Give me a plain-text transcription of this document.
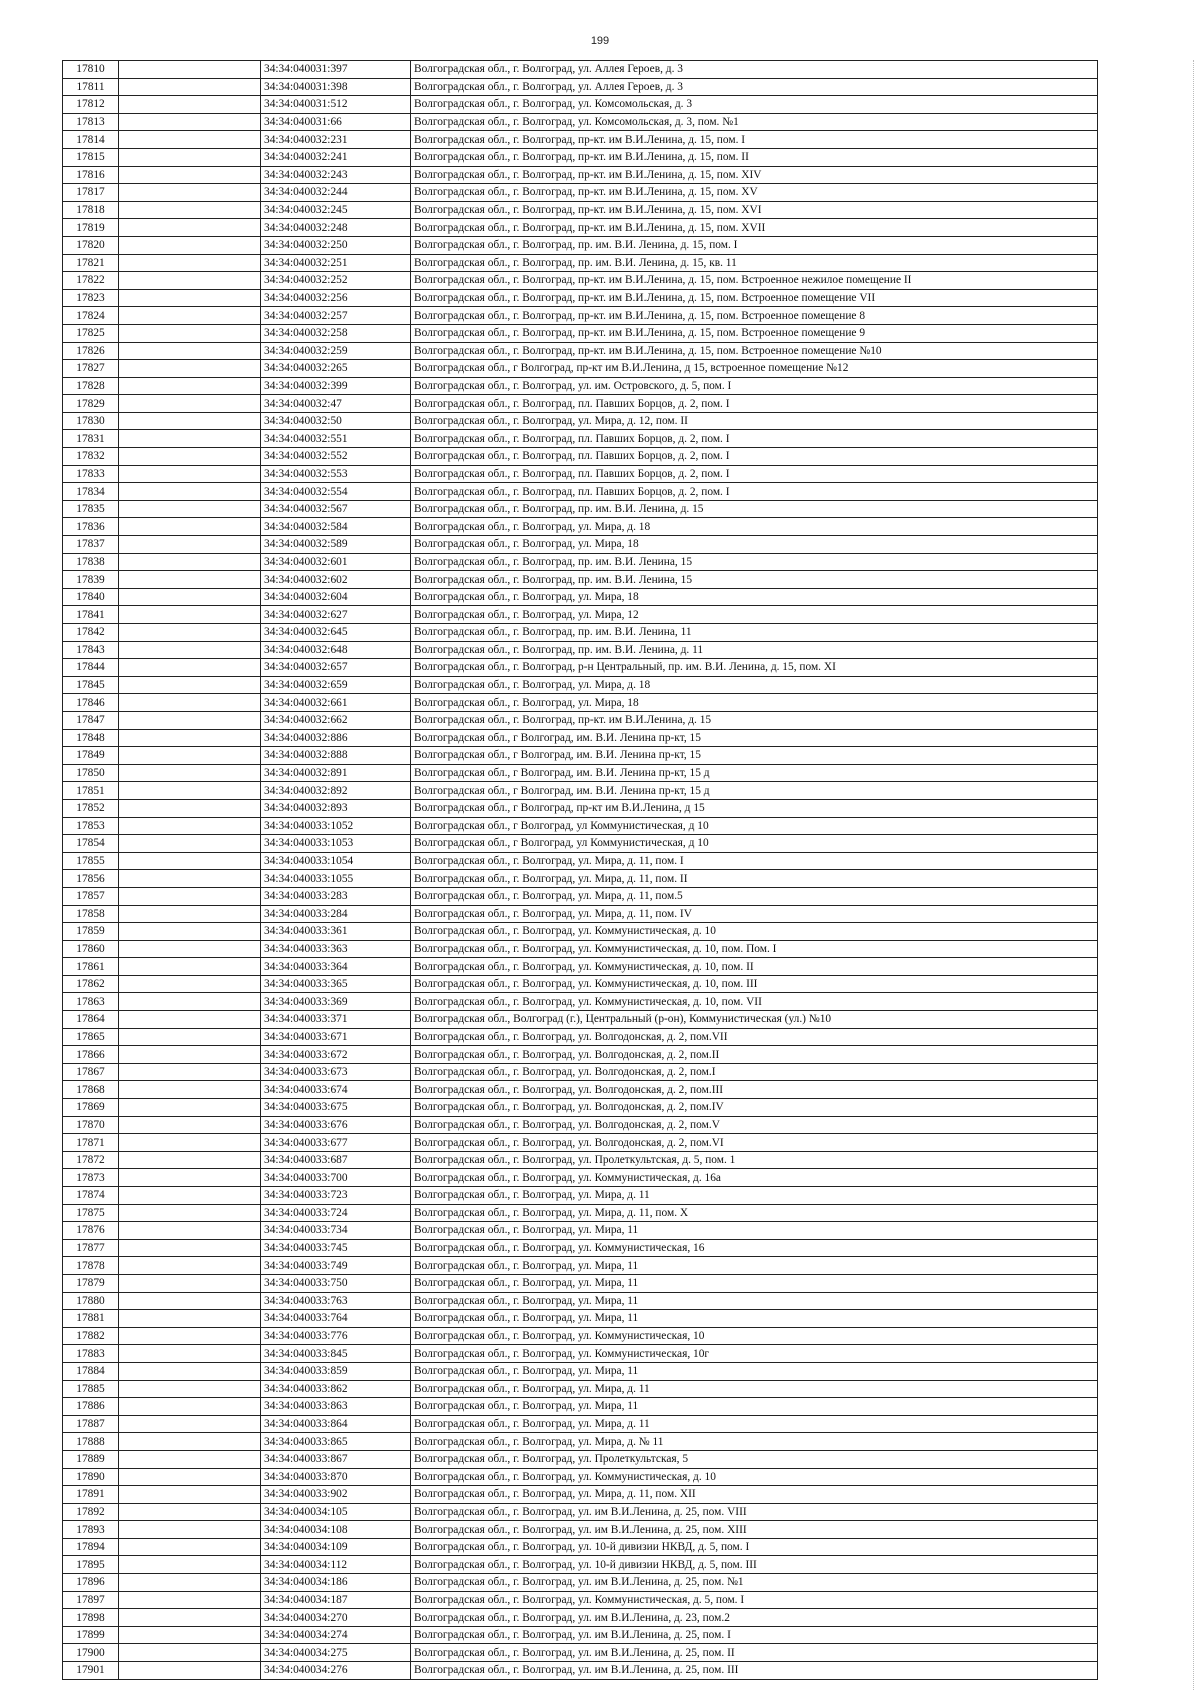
199
17810		34:34:040031:397	Волгоградская обл., г. Волгоград, ул. Аллея Героев, д. 3
17811		34:34:040031:398	Волгоградская обл., г. Волгоград, ул. Аллея Героев, д. 3
17812		34:34:040031:512	Волгоградская обл., г. Волгоград, ул. Комсомольская, д. 3
17813		34:34:040031:66	Волгоградская обл., г. Волгоград, ул. Комсомольская, д. 3, пом. №1
17814		34:34:040032:231	Волгоградская обл., г. Волгоград, пр-кт. им В.И.Ленина, д. 15, пом. I
17815		34:34:040032:241	Волгоградская обл., г. Волгоград, пр-кт. им В.И.Ленина, д. 15, пом. II
17816		34:34:040032:243	Волгоградская обл., г. Волгоград, пр-кт. им В.И.Ленина, д. 15, пом. XIV
17817		34:34:040032:244	Волгоградская обл., г. Волгоград, пр-кт. им В.И.Ленина, д. 15, пом. XV
17818		34:34:040032:245	Волгоградская обл., г. Волгоград, пр-кт. им В.И.Ленина, д. 15, пом. XVI
17819		34:34:040032:248	Волгоградская обл., г. Волгоград, пр-кт. им В.И.Ленина, д. 15, пом. XVII
17820		34:34:040032:250	Волгоградская обл., г. Волгоград, пр. им. В.И. Ленина, д. 15, пом. I
17821		34:34:040032:251	Волгоградская обл., г. Волгоград, пр. им. В.И. Ленина, д. 15, кв. 11
17822		34:34:040032:252	Волгоградская обл., г. Волгоград, пр-кт. им В.И.Ленина, д. 15, пом. Встроенное нежилое помещение II
17823		34:34:040032:256	Волгоградская обл., г. Волгоград, пр-кт. им В.И.Ленина, д. 15, пом. Встроенное помещение VII
17824		34:34:040032:257	Волгоградская обл., г. Волгоград, пр-кт. им В.И.Ленина, д. 15, пом. Встроенное помещение 8
17825		34:34:040032:258	Волгоградская обл., г. Волгоград, пр-кт. им В.И.Ленина, д. 15, пом. Встроенное помещение 9
17826		34:34:040032:259	Волгоградская обл., г. Волгоград, пр-кт. им В.И.Ленина, д. 15, пом. Встроенное помещение №10
17827		34:34:040032:265	Волгоградская обл., г Волгоград, пр-кт им В.И.Ленина, д 15, встроенное помещение №12
17828		34:34:040032:399	Волгоградская обл., г. Волгоград, ул. им. Островского, д. 5, пом. I
17829		34:34:040032:47	Волгоградская обл., г. Волгоград, пл. Павших Борцов, д. 2, пом. I
17830		34:34:040032:50	Волгоградская обл., г. Волгоград, ул. Мира, д. 12, пом. II
17831		34:34:040032:551	Волгоградская обл., г. Волгоград, пл. Павших Борцов, д. 2, пом. I
17832		34:34:040032:552	Волгоградская обл., г. Волгоград, пл. Павших Борцов, д. 2, пом. I
17833		34:34:040032:553	Волгоградская обл., г. Волгоград, пл. Павших Борцов, д. 2, пом. I
17834		34:34:040032:554	Волгоградская обл., г. Волгоград, пл. Павших Борцов, д. 2, пом. I
17835		34:34:040032:567	Волгоградская обл., г. Волгоград, пр. им. В.И. Ленина, д. 15
17836		34:34:040032:584	Волгоградская обл., г. Волгоград, ул. Мира, д. 18
17837		34:34:040032:589	Волгоградская обл., г. Волгоград, ул. Мира, 18
17838		34:34:040032:601	Волгоградская обл., г. Волгоград, пр. им. В.И. Ленина, 15
17839		34:34:040032:602	Волгоградская обл., г. Волгоград, пр. им. В.И. Ленина, 15
17840		34:34:040032:604	Волгоградская обл., г. Волгоград, ул. Мира, 18
17841		34:34:040032:627	Волгоградская обл., г. Волгоград, ул. Мира, 12
17842		34:34:040032:645	Волгоградская обл., г. Волгоград, пр. им. В.И. Ленина, 11
17843		34:34:040032:648	Волгоградская обл., г. Волгоград, пр. им. В.И. Ленина, д. 11
17844		34:34:040032:657	Волгоградская обл., г. Волгоград, р-н Центральный, пр. им. В.И. Ленина, д. 15, пом. XI
17845		34:34:040032:659	Волгоградская обл., г. Волгоград, ул. Мира, д. 18
17846		34:34:040032:661	Волгоградская обл., г. Волгоград, ул. Мира, 18
17847		34:34:040032:662	Волгоградская обл., г. Волгоград, пр-кт. им В.И.Ленина, д. 15
17848		34:34:040032:886	Волгоградская обл., г Волгоград, им. В.И. Ленина пр-кт, 15
17849		34:34:040032:888	Волгоградская обл., г Волгоград, им. В.И. Ленина пр-кт, 15
17850		34:34:040032:891	Волгоградская обл., г Волгоград, им. В.И. Ленина пр-кт, 15 д
17851		34:34:040032:892	Волгоградская обл., г Волгоград, им. В.И. Ленина пр-кт, 15 д
17852		34:34:040032:893	Волгоградская обл., г Волгоград, пр-кт им В.И.Ленина, д 15
17853		34:34:040033:1052	Волгоградская обл., г Волгоград, ул Коммунистическая, д 10
17854		34:34:040033:1053	Волгоградская обл., г Волгоград, ул Коммунистическая, д 10
17855		34:34:040033:1054	Волгоградская обл., г. Волгоград, ул. Мира, д. 11, пом. I
17856		34:34:040033:1055	Волгоградская обл., г. Волгоград, ул. Мира, д. 11, пом. II
17857		34:34:040033:283	Волгоградская обл., г. Волгоград, ул. Мира, д. 11, пом.5
17858		34:34:040033:284	Волгоградская обл., г. Волгоград, ул. Мира, д. 11, пом. IV
17859		34:34:040033:361	Волгоградская обл., г. Волгоград, ул. Коммунистическая, д. 10
17860		34:34:040033:363	Волгоградская обл., г. Волгоград, ул. Коммунистическая, д. 10, пом. Пом. I
17861		34:34:040033:364	Волгоградская обл., г. Волгоград, ул. Коммунистическая, д. 10, пом. II
17862		34:34:040033:365	Волгоградская обл., г. Волгоград, ул. Коммунистическая, д. 10, пом. III
17863		34:34:040033:369	Волгоградская обл., г. Волгоград, ул. Коммунистическая, д. 10, пом. VII
17864		34:34:040033:371	Волгоградская обл., Волгоград (г.), Центральный (р-он), Коммунистическая (ул.) №10
17865		34:34:040033:671	Волгоградская обл., г. Волгоград, ул. Волгодонская, д. 2, пом.VII
17866		34:34:040033:672	Волгоградская обл., г. Волгоград, ул. Волгодонская, д. 2, пом.II
17867		34:34:040033:673	Волгоградская обл., г. Волгоград, ул. Волгодонская, д. 2, пом.I
17868		34:34:040033:674	Волгоградская обл., г. Волгоград, ул. Волгодонская, д. 2, пом.III
17869		34:34:040033:675	Волгоградская обл., г. Волгоград, ул. Волгодонская, д. 2, пом.IV
17870		34:34:040033:676	Волгоградская обл., г. Волгоград, ул. Волгодонская, д. 2, пом.V
17871		34:34:040033:677	Волгоградская обл., г. Волгоград, ул. Волгодонская, д. 2, пом.VI
17872		34:34:040033:687	Волгоградская обл., г. Волгоград, ул. Пролеткультская, д. 5, пом. 1
17873		34:34:040033:700	Волгоградская обл., г. Волгоград, ул. Коммунистическая, д. 16а
17874		34:34:040033:723	Волгоградская обл., г. Волгоград, ул. Мира, д. 11
17875		34:34:040033:724	Волгоградская обл., г. Волгоград, ул. Мира, д. 11, пом. X
17876		34:34:040033:734	Волгоградская обл., г. Волгоград, ул. Мира, 11
17877		34:34:040033:745	Волгоградская обл., г. Волгоград, ул. Коммунистическая, 16
17878		34:34:040033:749	Волгоградская обл., г. Волгоград, ул. Мира, 11
17879		34:34:040033:750	Волгоградская обл., г. Волгоград, ул. Мира, 11
17880		34:34:040033:763	Волгоградская обл., г. Волгоград, ул. Мира, 11
17881		34:34:040033:764	Волгоградская обл., г. Волгоград, ул. Мира, 11
17882		34:34:040033:776	Волгоградская обл., г. Волгоград, ул. Коммунистическая, 10
17883		34:34:040033:845	Волгоградская обл., г. Волгоград, ул. Коммунистическая, 10г
17884		34:34:040033:859	Волгоградская обл., г. Волгоград, ул. Мира, 11
17885		34:34:040033:862	Волгоградская обл., г. Волгоград, ул. Мира, д. 11
17886		34:34:040033:863	Волгоградская обл., г. Волгоград, ул. Мира, 11
17887		34:34:040033:864	Волгоградская обл., г. Волгоград, ул. Мира, д. 11
17888		34:34:040033:865	Волгоградская обл., г. Волгоград, ул. Мира, д. № 11
17889		34:34:040033:867	Волгоградская обл., г. Волгоград, ул. Пролеткультская, 5
17890		34:34:040033:870	Волгоградская обл., г. Волгоград, ул. Коммунистическая, д. 10
17891		34:34:040033:902	Волгоградская обл., г. Волгоград, ул. Мира, д. 11, пом. XII
17892		34:34:040034:105	Волгоградская обл., г. Волгоград, ул. им В.И.Ленина, д. 25, пом. VIII
17893		34:34:040034:108	Волгоградская обл., г. Волгоград, ул. им В.И.Ленина, д. 25, пом. XIII
17894		34:34:040034:109	Волгоградская обл., г. Волгоград, ул. 10-й дивизии НКВД, д. 5, пом. I
17895		34:34:040034:112	Волгоградская обл., г. Волгоград, ул. 10-й дивизии НКВД, д. 5, пом. III
17896		34:34:040034:186	Волгоградская обл., г. Волгоград, ул. им В.И.Ленина, д. 25, пом. №1
17897		34:34:040034:187	Волгоградская обл., г. Волгоград, ул. Коммунистическая, д. 5, пом. I
17898		34:34:040034:270	Волгоградская обл., г. Волгоград, ул. им В.И.Ленина, д. 23, пом.2
17899		34:34:040034:274	Волгоградская обл., г. Волгоград, ул. им В.И.Ленина, д. 25, пом. I
17900		34:34:040034:275	Волгоградская обл., г. Волгоград, ул. им В.И.Ленина, д. 25, пом. II
17901		34:34:040034:276	Волгоградская обл., г. Волгоград, ул. им В.И.Ленина, д. 25, пом. III
